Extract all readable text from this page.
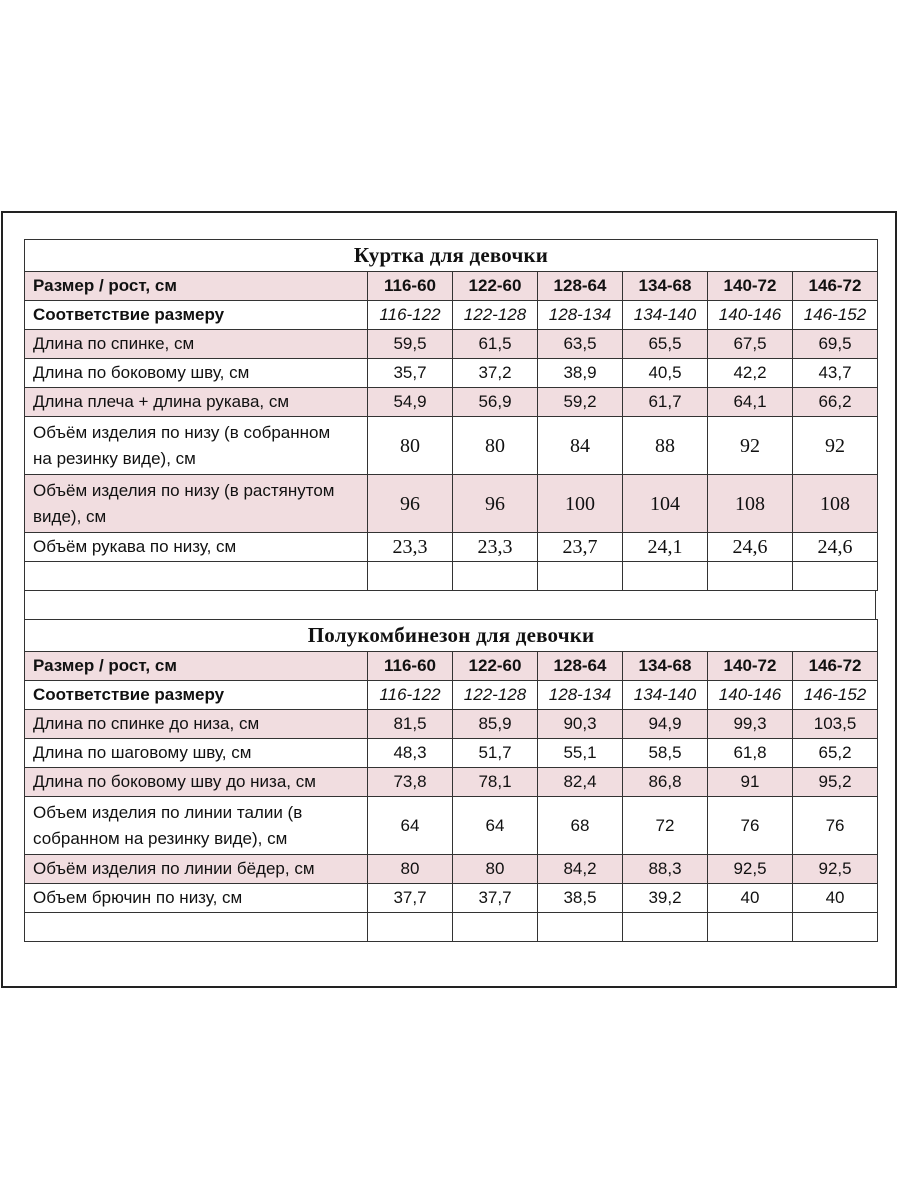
Куртка для девочки						
Размер / рост, см	116-60	122-60	128-64	134-68	140-72	146-72
Соответствие размеру	116-122	122-128	128-134	134-140	140-146	146-152
Длина по спинке, см	59,5	61,5	63,5	65,5	67,5	69,5
Длина по боковому шву, см	35,7	37,2	38,9	40,5	42,2	43,7
Длина плеча + длина рукава, см	54,9	56,9	59,2	61,7	64,1	66,2
Объём изделия по низу (в собранном
на резинку виде), см	80	80	84	88	92	92
Объём изделия по низу (в растянутом
виде), см	96	96	100	104	108	108
Объём рукава по низу, см	23,3	23,3	23,7	24,1	24,6	24,6

Полукомбинезон для девочки						
Размер / рост, см	116-60	122-60	128-64	134-68	140-72	146-72
Соответствие размеру	116-122	122-128	128-134	134-140	140-146	146-152
Длина по спинке до низа, см	81,5	85,9	90,3	94,9	99,3	103,5
Длина по шаговому шву, см	48,3	51,7	55,1	58,5	61,8	65,2
Длина по боковому шву до низа, см	73,8	78,1	82,4	86,8	91	95,2
Объем изделия по линии талии (в
собранном на резинку виде), см	64	64	68	72	76	76
Объём изделия по линии бёдер, см	80	80	84,2	88,3	92,5	92,5
Объем брючин по низу, см	37,7	37,7	38,5	39,2	40	40
